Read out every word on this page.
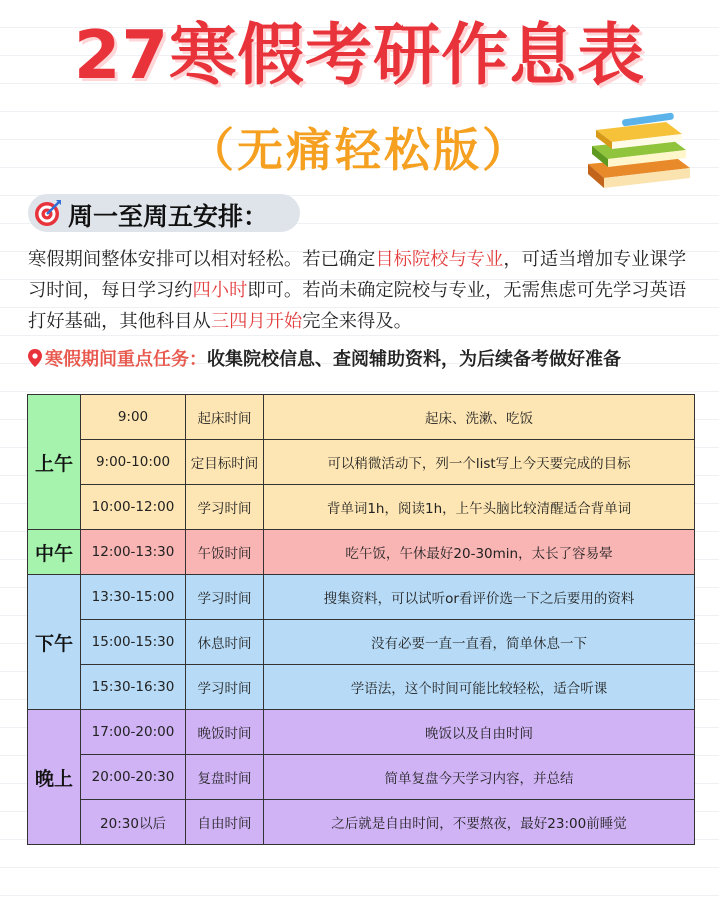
27寒假考研作息表
（无痛轻松版）
周一至周五安排：
寒假期间整体安排可以相对轻松。若已确定目标院校与专业，可适当增加专业课学习时间，每日学习约四小时即可。若尚未确定院校与专业，无需焦虑可先学习英语打好基础，其他科目从三四月开始完全来得及。
寒假期间重点任务：收集院校信息、查阅辅助资料，为后续备考做好准备
上午	9:00	起床时间	起床、洗漱、吃饭
	9:00-10:00	定目标时间	可以稍微活动下，列一个list写上今天要完成的目标
	10:00-12:00	学习时间	背单词1h，阅读1h，上午头脑比较清醒适合背单词
中午	12:00-13:30	午饭时间	吃午饭，午休最好20-30min，太长了容易晕
下午	13:30-15:00	学习时间	搜集资料，可以试听or看评价选一下之后要用的资料
	15:00-15:30	休息时间	没有必要一直一直看，简单休息一下
	15:30-16:30	学习时间	学语法，这个时间可能比较轻松，适合听课
晚上	17:00-20:00	晚饭时间	晚饭以及自由时间
	20:00-20:30	复盘时间	简单复盘今天学习内容，并总结
	20:30以后	自由时间	之后就是自由时间，不要熬夜，最好23:00前睡觉
